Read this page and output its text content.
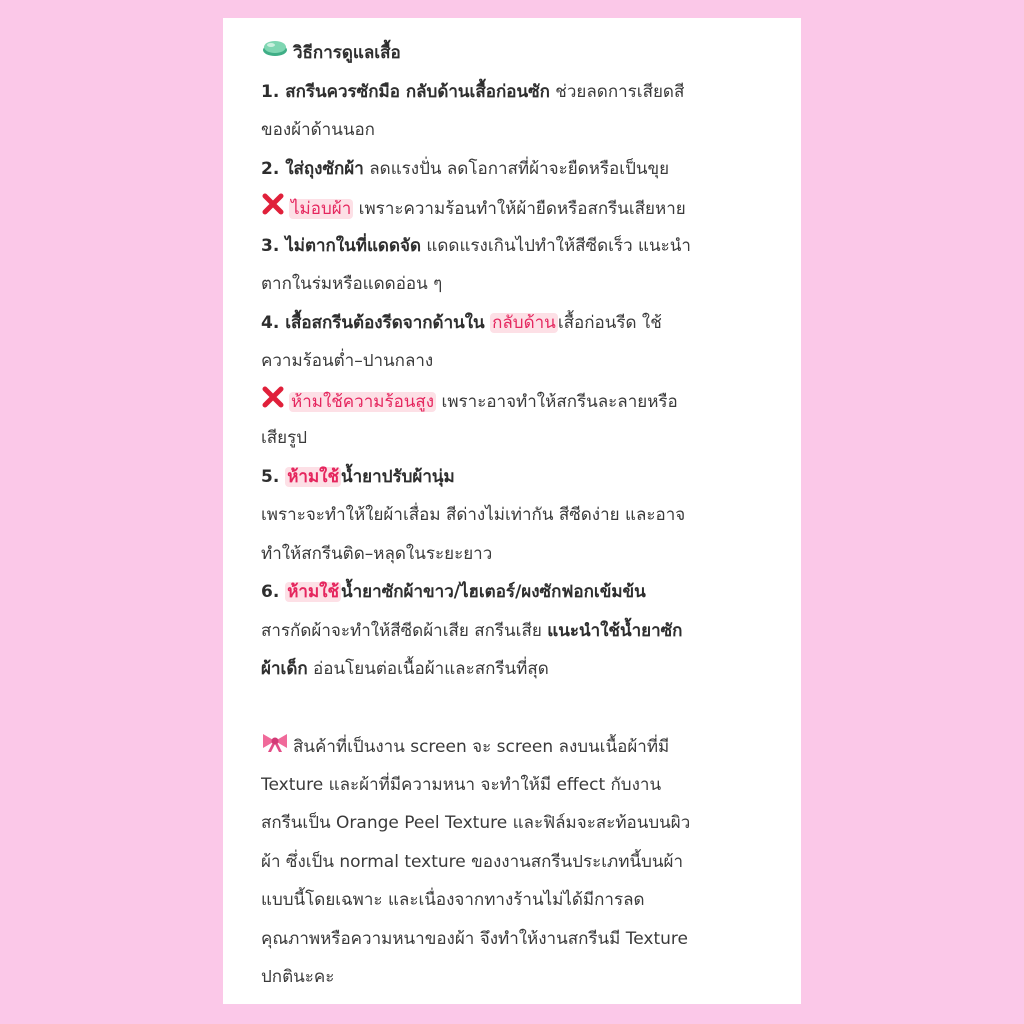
วิธีการดูแลเสื้อ
1. สกรีนควรซักมือ กลับด้านเสื้อก่อนซัก ช่วยลดการเสียดสี
ของผ้าด้านนอก
2. ใส่ถุงซักผ้า ลดแรงปั่น ลดโอกาสที่ผ้าจะยืดหรือเป็นขุย
ไม่อบผ้า เพราะความร้อนทำให้ผ้ายืดหรือสกรีนเสียหาย
3. ไม่ตากในที่แดดจัด แดดแรงเกินไปทำให้สีซีดเร็ว แนะนำ
ตากในร่มหรือแดดอ่อน ๆ
4. เสื้อสกรีนต้องรีดจากด้านใน กลับด้าน เสื้อก่อนรีด ใช้
ความร้อนต่ำ–ปานกลาง
ห้ามใช้ความร้อนสูง เพราะอาจทำให้สกรีนละลายหรือ
เสียรูป
5. ห้ามใช้ น้ำยาปรับผ้านุ่ม
เพราะจะทำให้ใยผ้าเสื่อม สีด่างไม่เท่ากัน สีซีดง่าย และอาจ
ทำให้สกรีนติด–หลุดในระยะยาว
6. ห้ามใช้ น้ำยาซักผ้าขาว/ไฮเตอร์/ผงซักฟอกเข้มข้น
สารกัดผ้าจะทำให้สีซีดผ้าเสีย สกรีนเสีย แนะนำใช้น้ำยาซัก
ผ้าเด็ก อ่อนโยนต่อเนื้อผ้าและสกรีนที่สุด
สินค้าที่เป็นงาน screen จะ screen ลงบนเนื้อผ้าที่มี
Texture และผ้าที่มีความหนา จะทำให้มี effect กับงาน
สกรีนเป็น Orange Peel Texture และฟิล์มจะสะท้อนบนผิว
ผ้า ซึ่งเป็น normal texture ของงานสกรีนประเภทนี้บนผ้า
แบบนี้โดยเฉพาะ และเนื่องจากทางร้านไม่ได้มีการลด
คุณภาพหรือความหนาของผ้า จึงทำให้งานสกรีนมี Texture
ปกตินะคะ
